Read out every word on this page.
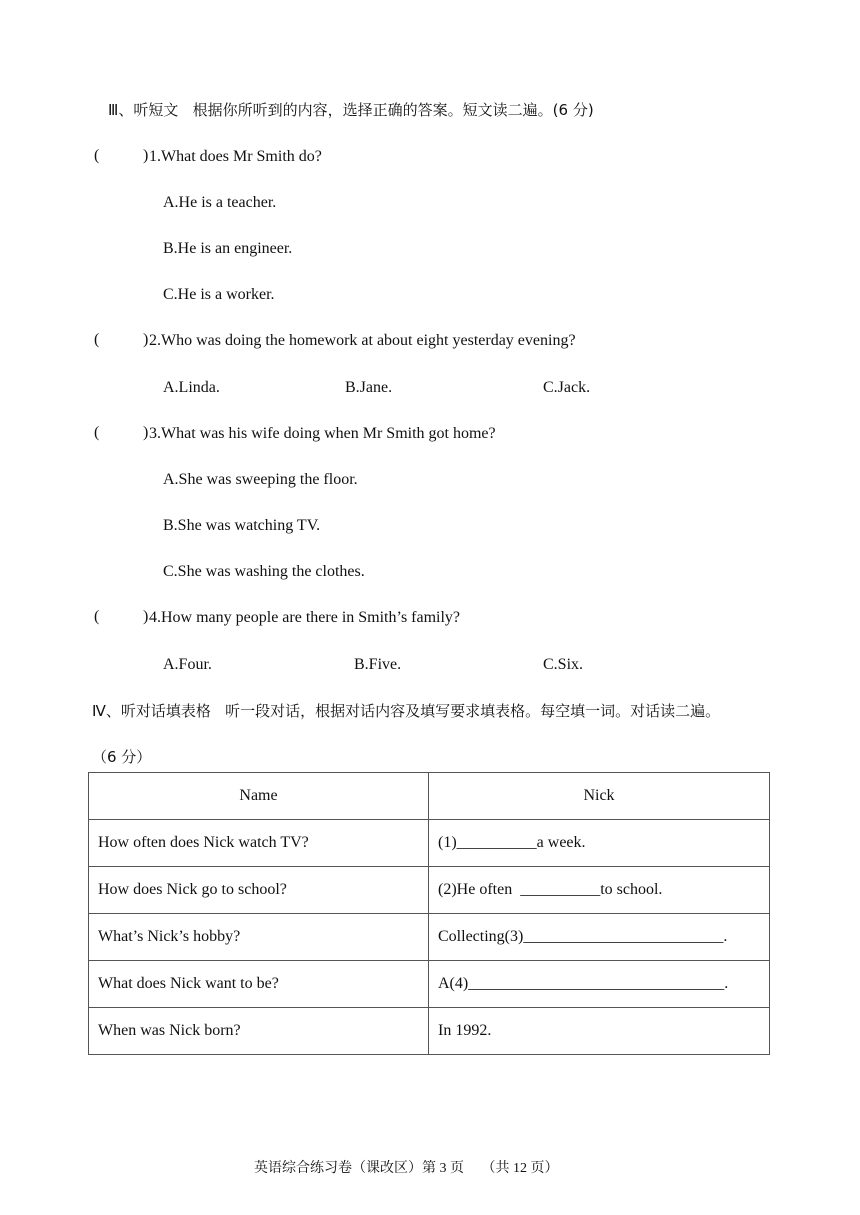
Ⅲ、听短文   根据你所听到的内容，选择正确的答案。短文读二遍。(6 分)
(	) 1.What does Mr Smith do?
A.He is a teacher.
B.He is an engineer.
C.He is a worker.
(	) 2.Who was doing the homework at about eight yesterday evening?
A.Linda.	B.Jane.	C.Jack.
(	) 3.What was his wife doing when Mr Smith got home?
A.She was sweeping the floor.
B.She was watching TV.
C.She was washing the clothes.
(	) 4.How many people are there in Smith’s family?
A.Four.	B.Five.	C.Six.
Ⅳ、听对话填表格   听一段对话，根据对话内容及填写要求填表格。每空填一词。对话读二遍。
（6 分）
Name	Nick
How often does Nick watch TV?	(1)__________a week.
How does Nick go to school?	(2)He often  __________to school.
What’s Nick’s hobby?	Collecting(3)_________________________.
What does Nick want to be?	A(4)________________________________.
When was Nick born?	In 1992.
英语综合练习卷（课改区）第 3 页     （共 12 页）
